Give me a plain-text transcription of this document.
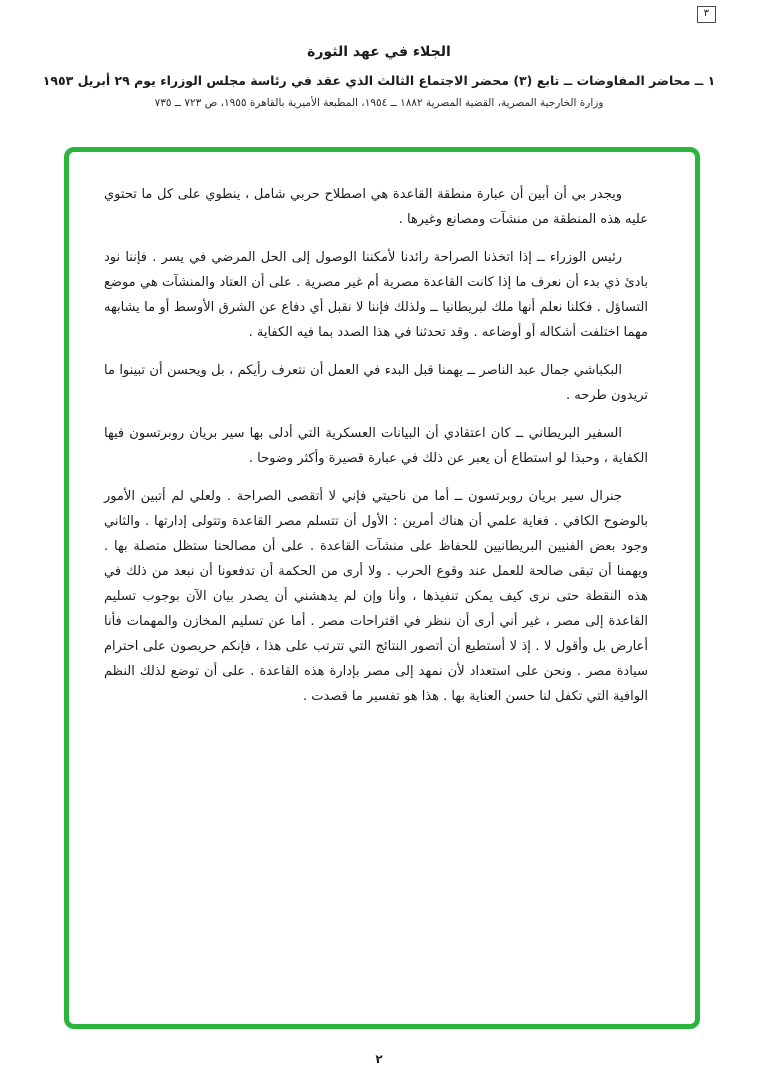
٣
الجلاء في عهد الثورة
١ ــ محاضر المفاوضات ــ تابع (٣) محضر الاجتماع الثالث الذي عقد في رئاسة مجلس الوزراء يوم ٢٩ أبريل ١٩٥٣
وزارة الخارجية المصرية، القضية المصرية ١٨٨٢ ــ ١٩٥٤، المطبعة الأميرية بالقاهرة ١٩٥٥، ص ٧٢٣ ــ ٧٣٥

ويجدر بي أن أبين أن عبارة منطقة القاعدة هي اصطلاح حربي شامل ، ينطوي على كل ما تحتوي عليه هذه المنطقة من منشآت ومصانع وغيرها .

رئيس الوزراء ــ إذا اتخذنا الصراحة رائدنا لأمكننا الوصول إلى الحل المرضي في يسر . فإننا نود بادئ ذي بدء أن نعرف ما إذا كانت القاعدة مصرية أم غير مصرية . على أن العتاد والمنشآت هي موضع التساؤل . فكلنا نعلم أنها ملك لبريطانيا ــ ولذلك فإننا لا نقبل أي دفاع عن الشرق الأوسط أو ما يشابهه مهما اختلفت أشكاله أو أوضاعه . وقد تحدثنا في هذا الصدد بما فيه الكفاية .

البكباشي جمال عبد الناصر ــ يهمنا قبل البدء في العمل أن نتعرف رأيكم ، بل ويحسن أن تبينوا ما تريدون طرحه .

السفير البريطاني ــ كان اعتقادي أن البيانات العسكرية التي أدلى بها سير بريان روبرتسون فيها الكفاية ، وحبذا لو استطاع أن يعبر عن ذلك في عبارة قصيرة وأكثر وضوحا .

جنرال سير بريان روبرتسون ــ أما من ناحيتي فإني لا أتقصى الصراحة . ولعلي لم أتبين الأمور بالوضوح الكافي . فغاية علمي أن هناك أمرين : الأول أن تتسلم مصر القاعدة وتتولى إدارتها . والثاني وجود بعض الفنيين البريطانيين للحفاظ على منشآت القاعدة . على أن مصالحنا ستظل متصلة بها . ويهمنا أن تبقى صالحة للعمل عند وقوع الحرب . ولا أرى من الحكمة أن تدفعونا أن نبعد من ذلك في هذه النقطة حتى نرى كيف يمكن تنفيذها ، وأنا وإن لم يدهشني أن يصدر بيان الآن بوجوب تسليم القاعدة إلى مصر ، غير أني أرى أن ننظر في اقتراحات مصر . أما عن تسليم المخازن والمهمات فأنا أعارض بل وأقول لا . إذ لا أستطيع أن أتصور النتائج التي تترتب على هذا ، فإنكم حريصون على احترام سيادة مصر . ونحن على استعداد لأن نمهد إلى مصر بإدارة هذه القاعدة . على أن توضع لذلك النظم الوافية التي تكفل لنا حسن العناية بها . هذا هو تفسير ما قصدت .

٢
